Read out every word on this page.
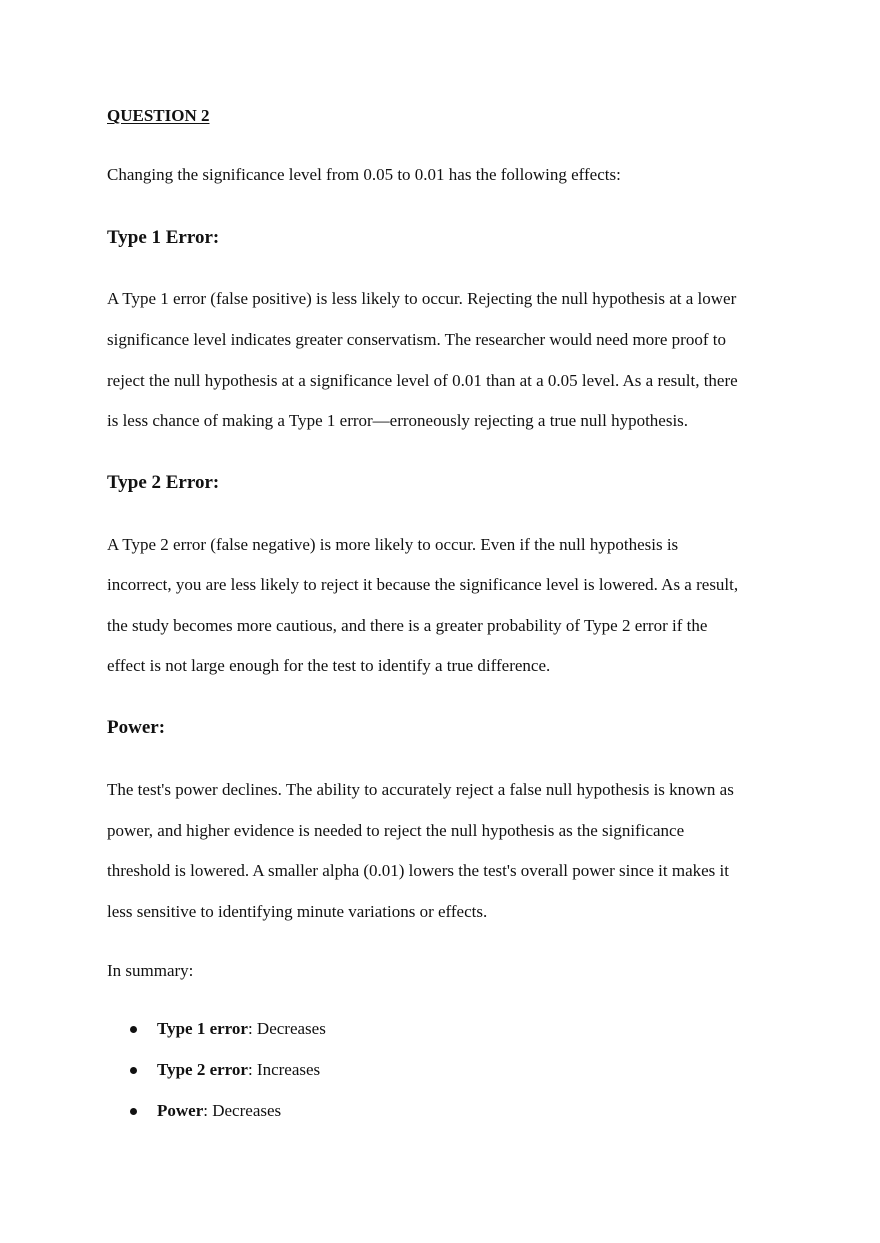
QUESTION 2
Changing the significance level from 0.05 to 0.01 has the following effects:
Type 1 Error:
A Type 1 error (false positive) is less likely to occur. Rejecting the null hypothesis at a lower
significance level indicates greater conservatism. The researcher would need more proof to
reject the null hypothesis at a significance level of 0.01 than at a 0.05 level. As a result, there
is less chance of making a Type 1 error—erroneously rejecting a true null hypothesis.
Type 2 Error:
A Type 2 error (false negative) is more likely to occur. Even if the null hypothesis is
incorrect, you are less likely to reject it because the significance level is lowered. As a result,
the study becomes more cautious, and there is a greater probability of Type 2 error if the
effect is not large enough for the test to identify a true difference.
Power:
The test's power declines. The ability to accurately reject a false null hypothesis is known as
power, and higher evidence is needed to reject the null hypothesis as the significance
threshold is lowered. A smaller alpha (0.01) lowers the test's overall power since it makes it
less sensitive to identifying minute variations or effects.
In summary:
Type 1 error: Decreases
Type 2 error: Increases
Power: Decreases
